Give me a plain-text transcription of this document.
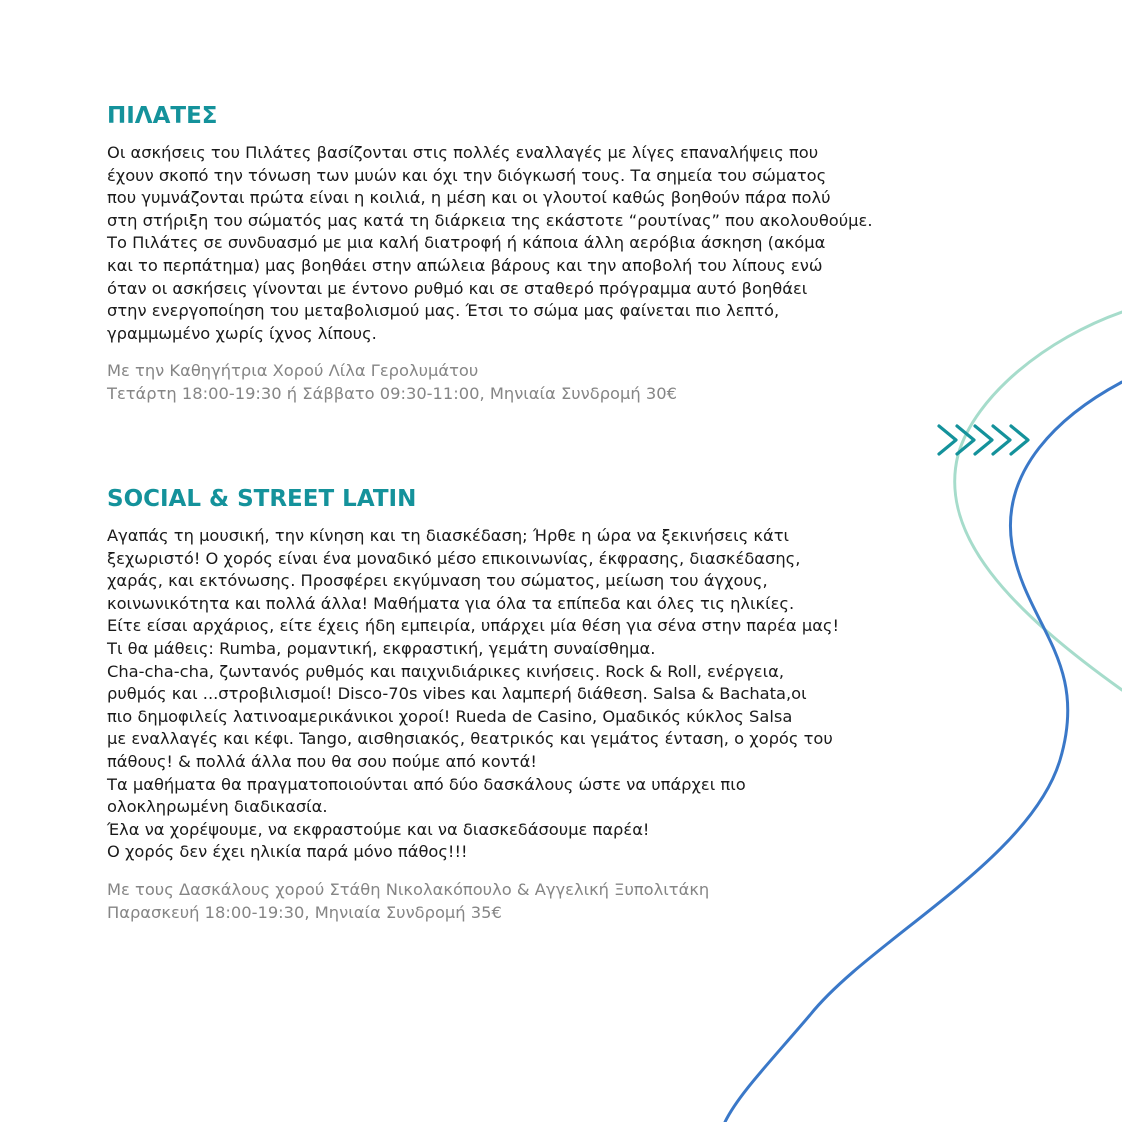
ΠΙΛΑΤΕΣ
Οι ασκήσεις του Πιλάτες βασίζονται στις πολλές εναλλαγές με λίγες επαναλήψεις που
έχουν σκοπό την τόνωση των μυών και όχι την διόγκωσή τους. Τα σημεία του σώματος
που γυμνάζονται πρώτα είναι η κοιλιά, η μέση και οι γλουτοί καθώς βοηθούν πάρα πολύ
στη στήριξη του σώματός μας κατά τη διάρκεια της εκάστοτε “ρουτίνας” που ακολουθούμε.
Το Πιλάτες σε συνδυασμό με μια καλή διατροφή ή κάποια άλλη αερόβια άσκηση (ακόμα
και το περπάτημα) μας βοηθάει στην απώλεια βάρους και την αποβολή του λίπους ενώ
όταν οι ασκήσεις γίνονται με έντονο ρυθμό και σε σταθερό πρόγραμμα αυτό βοηθάει
στην ενεργοποίηση του μεταβολισμού μας. Έτσι το σώμα μας φαίνεται πιο λεπτό,
γραμμωμένο χωρίς ίχνος λίπους.
Με την Καθηγήτρια Χορού Λίλα Γερολυμάτου
Τετάρτη 18:00-19:30 ή Σάββατο 09:30-11:00, Μηνιαία Συνδρομή 30€
SOCIAL & STREET LATIN
Αγαπάς τη μουσική, την κίνηση και τη διασκέδαση; Ήρθε η ώρα να ξεκινήσεις κάτι
ξεχωριστό! Ο χορός είναι ένα μοναδικό μέσο επικοινωνίας, έκφρασης, διασκέδασης,
χαράς, και εκτόνωσης. Προσφέρει εκγύμναση του σώματος, μείωση του άγχους,
κοινωνικότητα και πολλά άλλα! Μαθήματα για όλα τα επίπεδα και όλες τις ηλικίες.
Είτε είσαι αρχάριος, είτε έχεις ήδη εμπειρία, υπάρχει μία θέση για σένα στην παρέα μας!
Τι θα μάθεις: Rumba, ρομαντική, εκφραστική, γεμάτη συναίσθημα.
Cha-cha-cha, ζωντανός ρυθμός και παιχνιδιάρικες κινήσεις. Rock & Roll, ενέργεια,
ρυθμός και ...στροβιλισμοί! Disco-70s vibes και λαμπερή διάθεση. Salsa & Bachata,οι
πιο δημοφιλείς λατινοαμερικάνικοι χοροί! Rueda de Casino, Ομαδικός κύκλος Salsa
με εναλλαγές και κέφι. Tango, αισθησιακός, θεατρικός και γεμάτος ένταση, ο χορός του
πάθους! & πολλά άλλα που θα σου πούμε από κοντά!
Τα μαθήματα θα πραγματοποιούνται από δύο δασκάλους ώστε να υπάρχει πιο
ολοκληρωμένη διαδικασία.
Έλα να χορέψουμε, να εκφραστούμε και να διασκεδάσουμε παρέα!
Ο χορός δεν έχει ηλικία παρά μόνο πάθος!!!
Με τους Δασκάλους χορού Στάθη Νικολακόπουλο & Αγγελική Ξυπολιτάκη
Παρασκευή 18:00-19:30, Μηνιαία Συνδρομή 35€
